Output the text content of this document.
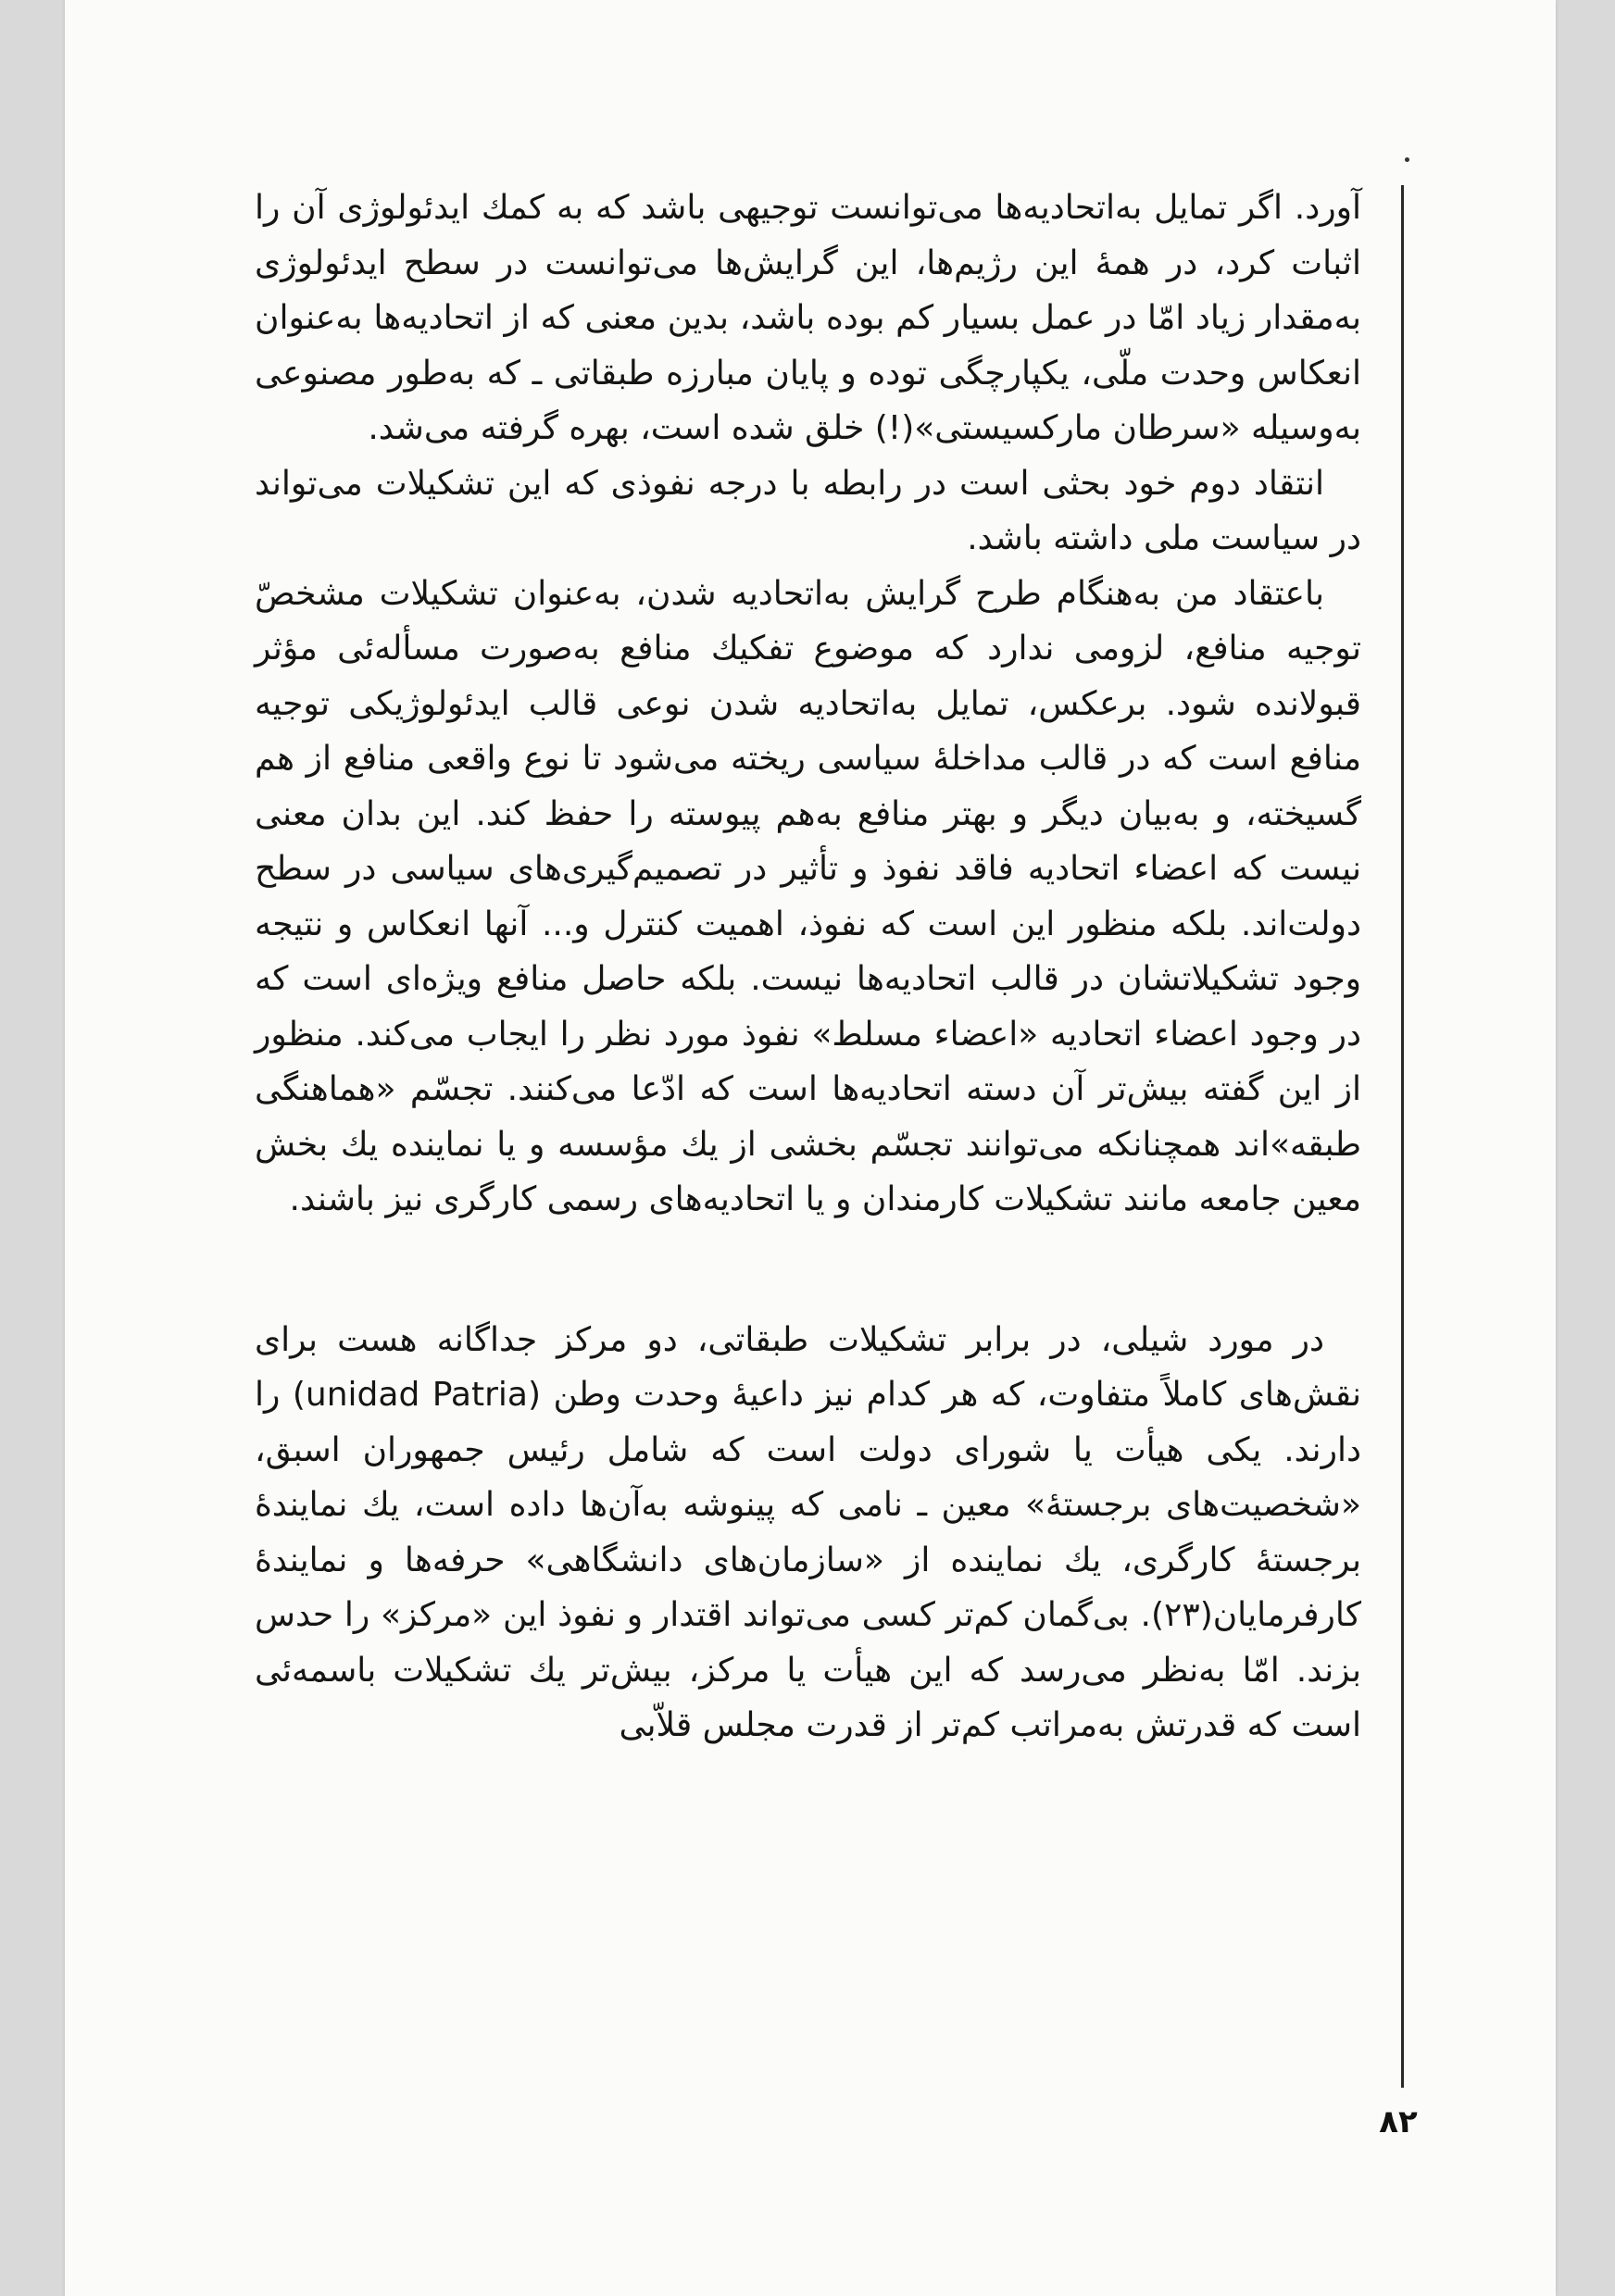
آورد. اگر تمایل به‌اتحادیه‌ها می‌توانست توجیهی باشد که به کمك ایدئولوژی آن را اثبات کرد، در همهٔ این رژیم‌ها، این گرایش‌ها می‌توانست در سطح ایدئولوژی به‌مقدار زیاد امّا در عمل بسیار کم بوده باشد، بدین معنی که از اتحادیه‌ها به‌عنوان انعکاس وحدت ملّی، یکپارچگی توده و پایان مبارزه طبقاتی ـ که به‌طور مصنوعی به‌وسیله «سرطان مارکسیستی»(!) خلق شده است، بهره گرفته می‌شد.

انتقاد دوم خود بحثی است در رابطه با درجه نفوذی که این تشکیلات می‌تواند در سیاست ملی داشته باشد.

باعتقاد من به‌هنگام طرح گرایش به‌اتحادیه شدن، به‌عنوان تشکیلات مشخصّ توجیه منافع، لزومی ندارد که موضوع تفکیك منافع به‌صورت مسأله‌ئی مؤثر قبولانده شود. برعکس، تمایل به‌اتحادیه شدن نوعی قالب ایدئولوژیکی توجیه منافع است که در قالب مداخلهٔ سیاسی ریخته می‌شود تا نوع واقعی منافع از هم گسیخته، و به‌بیان دیگر و بهتر منافع به‌هم پیوسته را حفظ کند. این بدان معنی نیست که اعضاء اتحادیه فاقد نفوذ و تأثیر در تصمیم‌گیری‌های سیاسی در سطح دولت‌اند. بلکه منظور این است که نفوذ، اهمیت کنترل و... آنها انعکاس و نتیجه وجود تشکیلاتشان در قالب اتحادیه‌ها نیست. بلکه حاصل منافع ویژه‌ای است که در وجود اعضاء اتحادیه «اعضاء مسلط» نفوذ مورد نظر را ایجاب می‌کند. منظور از این گفته بیش‌تر آن دسته اتحادیه‌ها است که ادّعا می‌کنند. تجسّم «هماهنگی طبقه»اند همچنانکه می‌توانند تجسّم بخشی از یك مؤسسه و یا نماینده یك بخش معین جامعه مانند تشکیلات کارمندان و یا اتحادیه‌های رسمی کارگری نیز باشند.

در مورد شیلی، در برابر تشکیلات طبقاتی، دو مرکز جداگانه هست برای نقش‌های کاملاً متفاوت، که هر کدام نیز داعیهٔ وحدت وطن (unidad Patria) را دارند. یکی هیأت یا شورای دولت است که شامل رئیس جمهوران اسبق، «شخصیت‌های برجستهٔ» معین ـ نامی که پینوشه به‌آن‌ها داده است، یك نمایندهٔ برجستهٔ کارگری، یك نماینده از «سازمان‌های دانشگاهی» حرفه‌ها و نمایندهٔ کارفرمایان(۲۳). بی‌گمان کم‌تر کسی می‌تواند اقتدار و نفوذ این «مرکز» را حدس بزند. امّا به‌نظر می‌رسد که این هیأت یا مرکز، بیش‌تر یك تشکیلات باسمه‌ئی است که قدرتش به‌مراتب کم‌تر از قدرت مجلس قلاّبی

۸۲
